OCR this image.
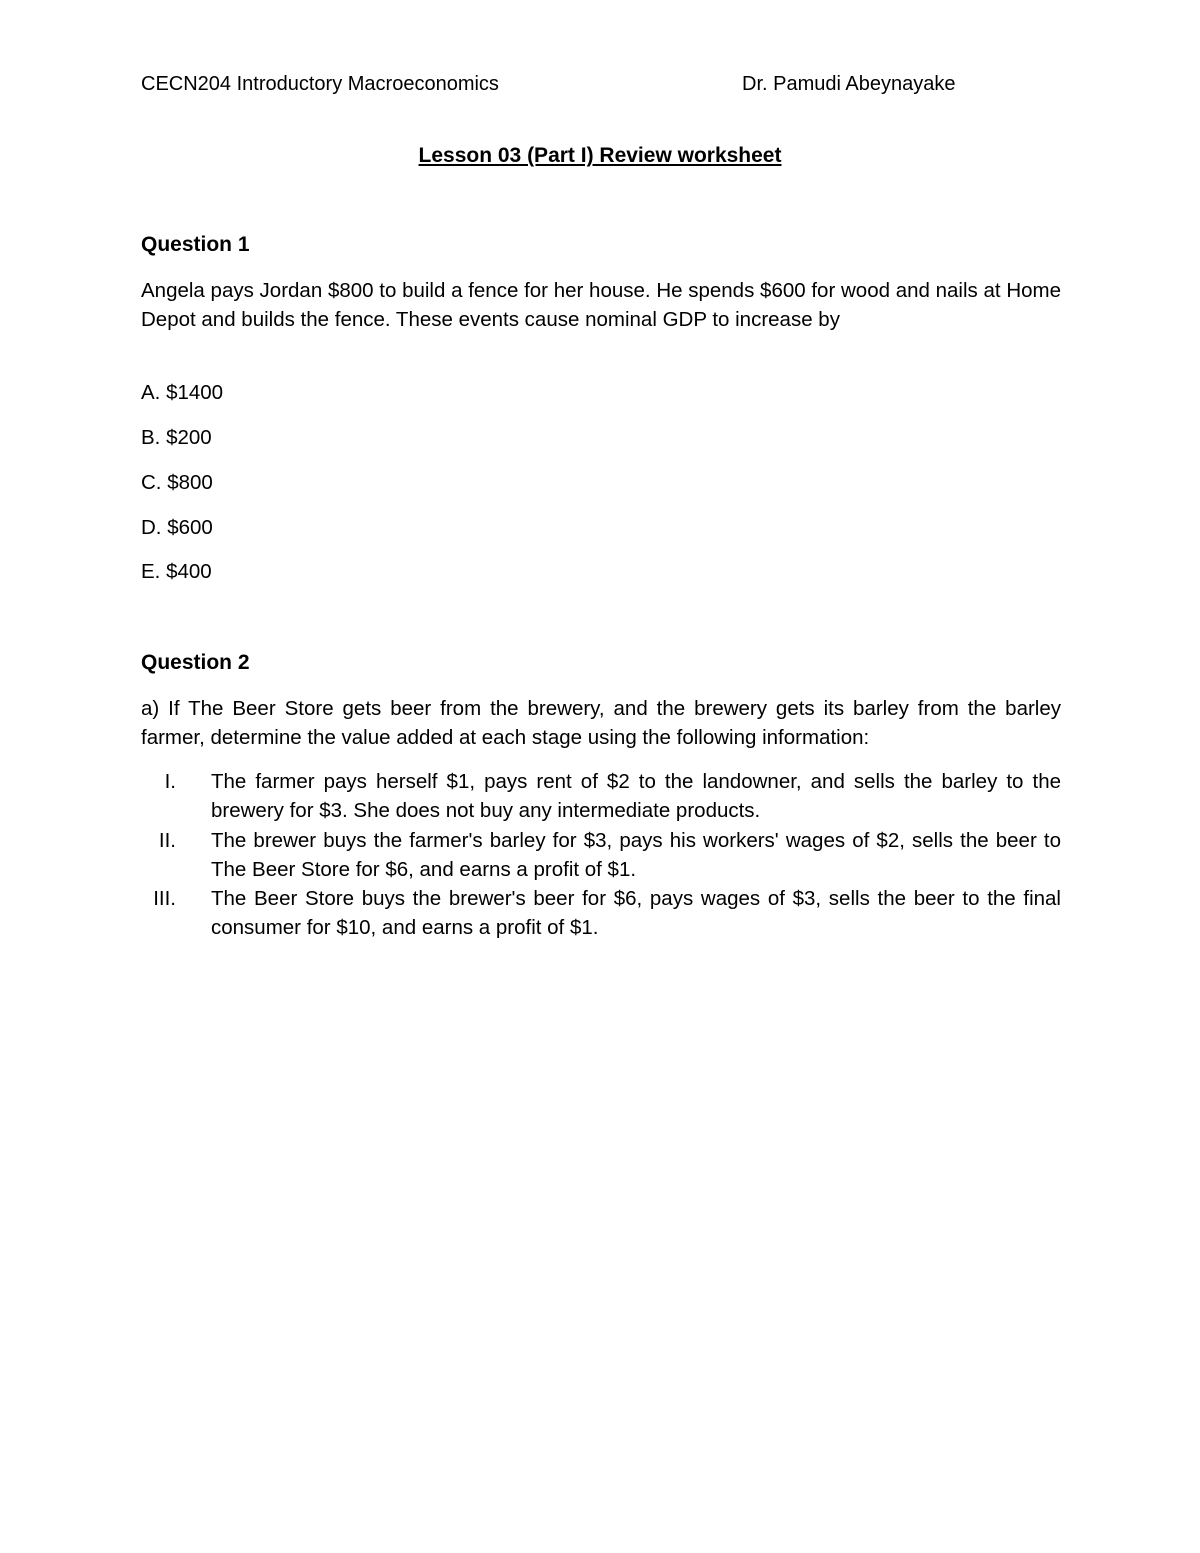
CECN204 Introductory Macroeconomics	Dr. Pamudi Abeynayake
Lesson 03 (Part I) Review worksheet
Question 1
Angela pays Jordan $800 to build a fence for her house. He spends $600 for wood and nails at Home Depot and builds the fence. These events cause nominal GDP to increase by
A. $1400
B. $200
C. $800
D. $600
E. $400
Question 2
a) If The Beer Store gets beer from the brewery, and the brewery gets its barley from the barley farmer, determine the value added at each stage using the following information:
I. The farmer pays herself $1, pays rent of $2 to the landowner, and sells the barley to the brewery for $3. She does not buy any intermediate products.
II. The brewer buys the farmer's barley for $3, pays his workers' wages of $2, sells the beer to The Beer Store for $6, and earns a profit of $1.
III. The Beer Store buys the brewer's beer for $6, pays wages of $3, sells the beer to the final consumer for $10, and earns a profit of $1.
